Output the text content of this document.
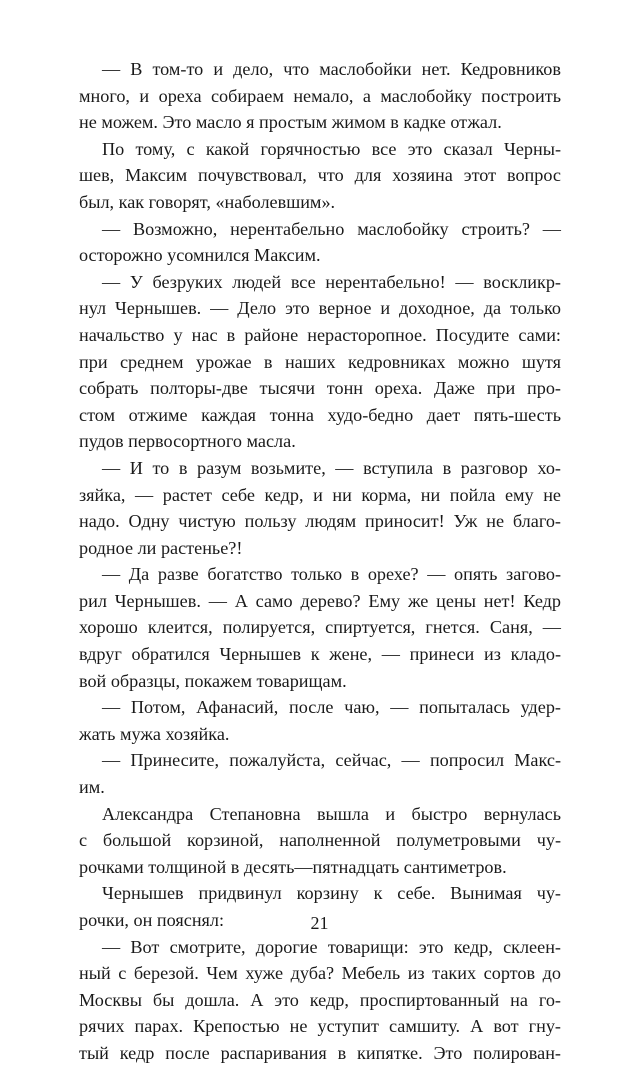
— В том-то и дело, что маслобойки нет. Кедровников
много, и ореха собираем немало, а маслобойку построить
не можем. Это масло я простым жимом в кадке отжал.
По тому, с какой горячностью все это сказал Черны-
шев, Максим почувствовал, что для хозяина этот вопрос
был, как говорят, «наболевшим».
— Возможно, нерентабельно маслобойку строить? —
осторожно усомнился Максим.
— У безруких людей все нерентабельно! — воскликр-
нул Чернышев. — Дело это верное и доходное, да только
начальство у нас в районе нерасторопное. Посудите сами:
при среднем урожае в наших кедровниках можно шутя
собрать полторы-две тысячи тонн ореха. Даже при про-
стом отжиме каждая тонна худо-бедно дает пять-шесть
пудов первосортного масла.
— И то в разум возьмите, — вступила в разговор хо-
зяйка, — растет себе кедр, и ни корма, ни пойла ему не
надо. Одну чистую пользу людям приносит! Уж не благо-
родное ли растенье?!
— Да разве богатство только в орехе? — опять загово-
рил Чернышев. — А само дерево? Ему же цены нет! Кедр
хорошо клеится, полируется, спиртуется, гнется. Саня, —
вдруг обратился Чернышев к жене, — принеси из кладо-
вой образцы, покажем товарищам.
— Потом, Афанасий, после чаю, — попыталась удер-
жать мужа хозяйка.
— Принесите, пожалуйста, сейчас, — попросил Макс-
им.
Александра Степановна вышла и быстро вернулась
с большой корзиной, наполненной полуметровыми чу-
рочками толщиной в десять—пятнадцать сантиметров.
Чернышев придвинул корзину к себе. Вынимая чу-
рочки, он пояснял:
— Вот смотрите, дорогие товарищи: это кедр, склеен-
ный с березой. Чем хуже дуба? Мебель из таких сортов до
Москвы бы дошла. А это кедр, проспиртованный на го-
рячих парах. Крепостью не уступит самшиту. А вот гну-
тый кедр после распаривания в кипятке. Это полирован-
21
